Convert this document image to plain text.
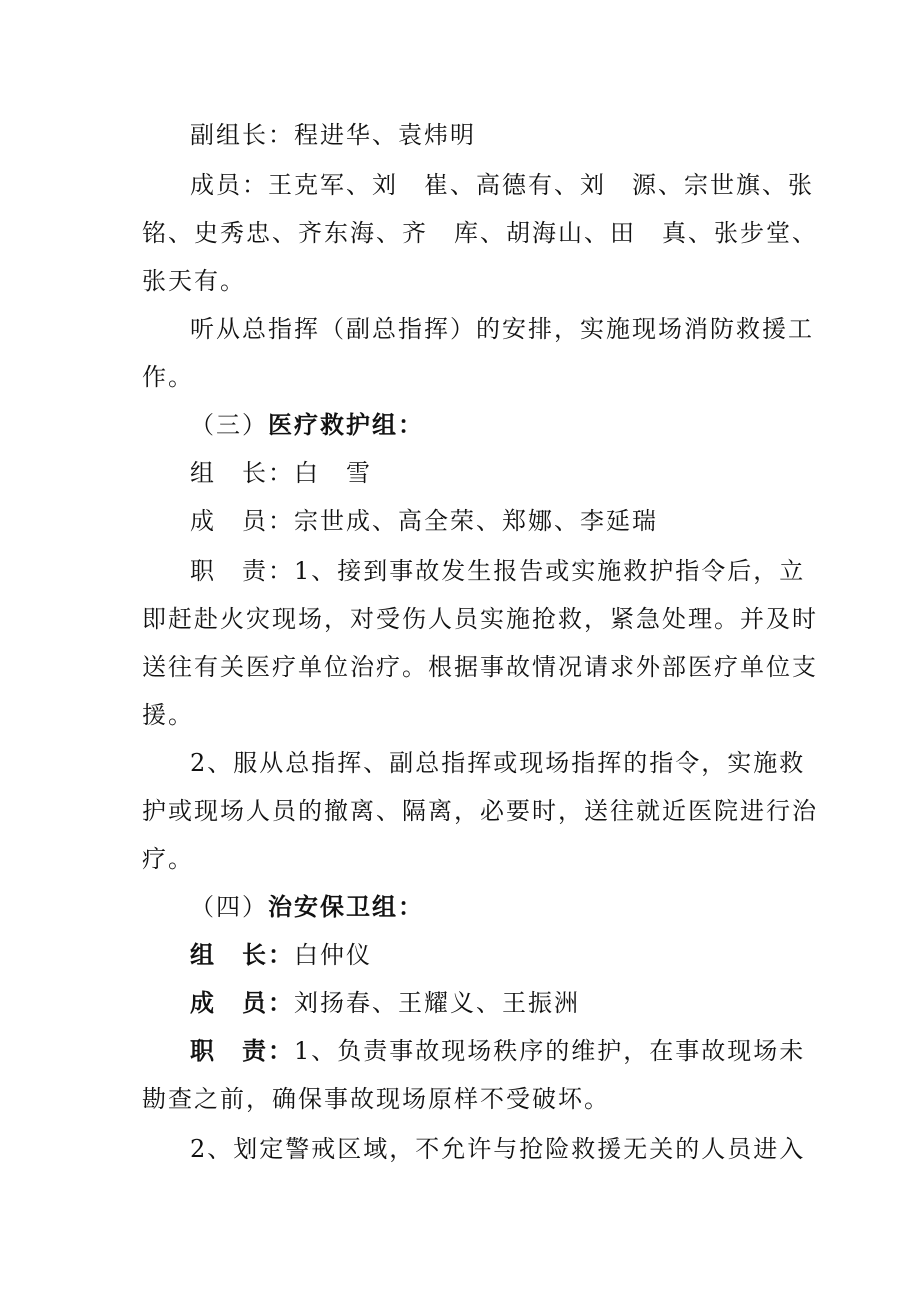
副组长：程进华、袁炜明
成员：王克军、刘　崔、高德有、刘　源、宗世旗、张
铭、史秀忠、齐东海、齐　库、胡海山、田　真、张步堂、
张天有。
听从总指挥（副总指挥）的安排，实施现场消防救援工
作。
（三）医疗救护组：
组　长：白　雪
成　员：宗世成、高全荣、郑娜、李延瑞
职　责：1、接到事故发生报告或实施救护指令后，立
即赶赴火灾现场，对受伤人员实施抢救，紧急处理。并及时
送往有关医疗单位治疗。根据事故情况请求外部医疗单位支
援。
2、服从总指挥、副总指挥或现场指挥的指令，实施救
护或现场人员的撤离、隔离，必要时，送往就近医院进行治
疗。
（四）治安保卫组：
组　长：白仲仪
成　员：刘扬春、王耀义、王振洲
职　责：1、负责事故现场秩序的维护，在事故现场未
勘查之前，确保事故现场原样不受破坏。
2、划定警戒区域，不允许与抢险救援无关的人员进入
